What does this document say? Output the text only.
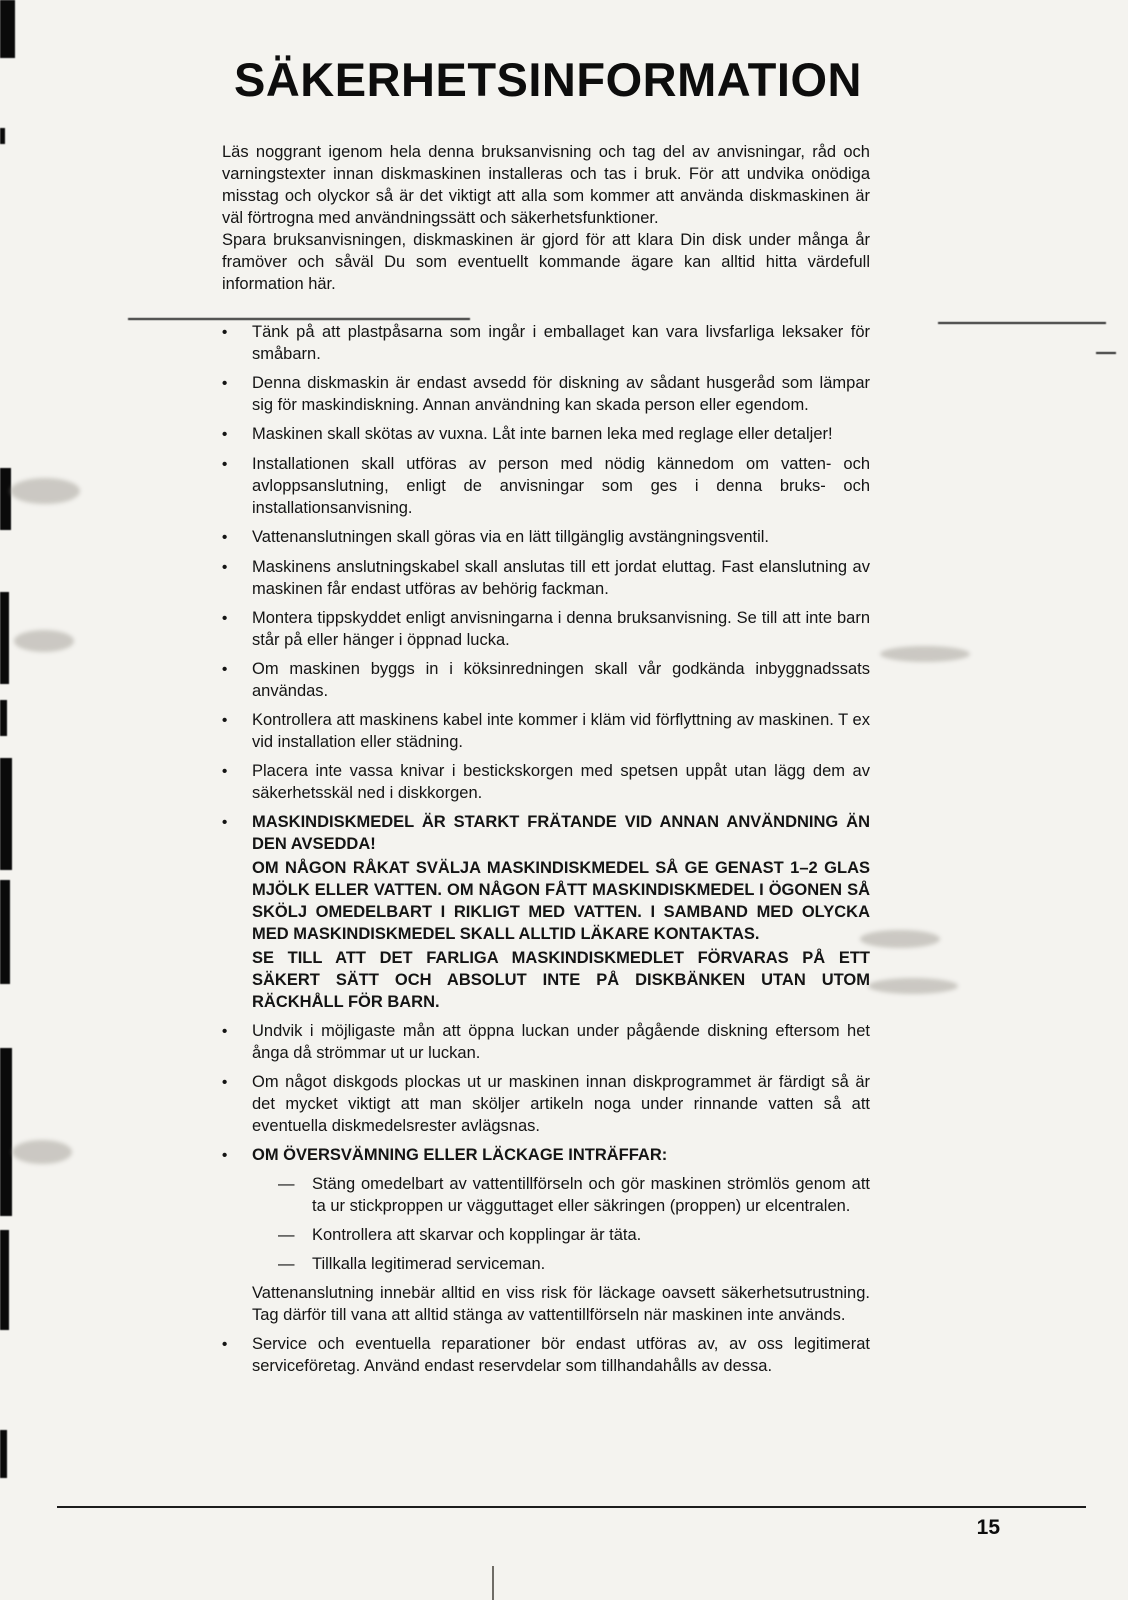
SÄKERHETSINFORMATION

Läs noggrant igenom hela denna bruksanvisning och tag del av anvisningar, råd och varningstexter innan diskmaskinen installeras och tas i bruk. För att undvika onödiga misstag och olyckor så är det viktigt att alla som kommer att använda diskmaskinen är väl förtrogna med användningssätt och säkerhetsfunktioner.

Spara bruksanvisningen, diskmaskinen är gjord för att klara Din disk under många år framöver och såväl Du som eventuellt kommande ägare kan alltid hitta värdefull information här.

•	Tänk på att plastpåsarna som ingår i emballaget kan vara livsfarliga leksaker för småbarn.

•	Denna diskmaskin är endast avsedd för diskning av sådant husgeråd som lämpar sig för maskindiskning. Annan användning kan skada person eller egendom.

•	Maskinen skall skötas av vuxna. Låt inte barnen leka med reglage eller detaljer!

•	Installationen skall utföras av person med nödig kännedom om vatten- och avloppsanslutning, enligt de anvisningar som ges i denna bruks- och installationsanvisning.

•	Vattenanslutningen skall göras via en lätt tillgänglig avstängningsventil.

•	Maskinens anslutningskabel skall anslutas till ett jordat eluttag. Fast elanslutning av maskinen får endast utföras av behörig fackman.

•	Montera tippskyddet enligt anvisningarna i denna bruksanvisning. Se till att inte barn står på eller hänger i öppnad lucka.

•	Om maskinen byggs in i köksinredningen skall vår godkända inbyggnadssats användas.

•	Kontrollera att maskinens kabel inte kommer i kläm vid förflyttning av maskinen. T ex vid installation eller städning.

•	Placera inte vassa knivar i bestickskorgen med spetsen uppåt utan lägg dem av säkerhetsskäl ned i diskkorgen.

•	MASKINDISKMEDEL ÄR STARKT FRÄTANDE VID ANNAN ANVÄNDNING ÄN DEN AVSEDDA!

OM NÅGON RÅKAT SVÄLJA MASKINDISKMEDEL SÅ GE GENAST 1–2 GLAS MJÖLK ELLER VATTEN. OM NÅGON FÅTT MASKINDISKMEDEL I ÖGONEN SÅ SKÖLJ OMEDELBART I RIKLIGT MED VATTEN. I SAMBAND MED OLYCKA MED MASKINDISKMEDEL SKALL ALLTID LÄKARE KONTAKTAS.

SE TILL ATT DET FARLIGA MASKINDISKMEDLET FÖRVARAS PÅ ETT SÄKERT SÄTT OCH ABSOLUT INTE PÅ DISKBÄNKEN UTAN UTOM RÄCKHÅLL FÖR BARN.

•	Undvik i möjligaste mån att öppna luckan under pågående diskning eftersom het ånga då strömmar ut ur luckan.

•	Om något diskgods plockas ut ur maskinen innan diskprogrammet är färdigt så är det mycket viktigt att man sköljer artikeln noga under rinnande vatten så att eventuella diskmedelsrester avlägsnas.

•	OM ÖVERSVÄMNING ELLER LÄCKAGE INTRÄFFAR:

—	Stäng omedelbart av vattentillförseln och gör maskinen strömlös genom att ta ur stickproppen ur vägguttaget eller säkringen (proppen) ur elcentralen.

—	Kontrollera att skarvar och kopplingar är täta.

—	Tillkalla legitimerad serviceman.

Vattenanslutning innebär alltid en viss risk för läckage oavsett säkerhetsutrustning. Tag därför till vana att alltid stänga av vattentillförseln när maskinen inte används.

•	Service och eventuella reparationer bör endast utföras av, av oss legitimerat serviceföretag. Använd endast reservdelar som tillhandahålls av dessa.

15
